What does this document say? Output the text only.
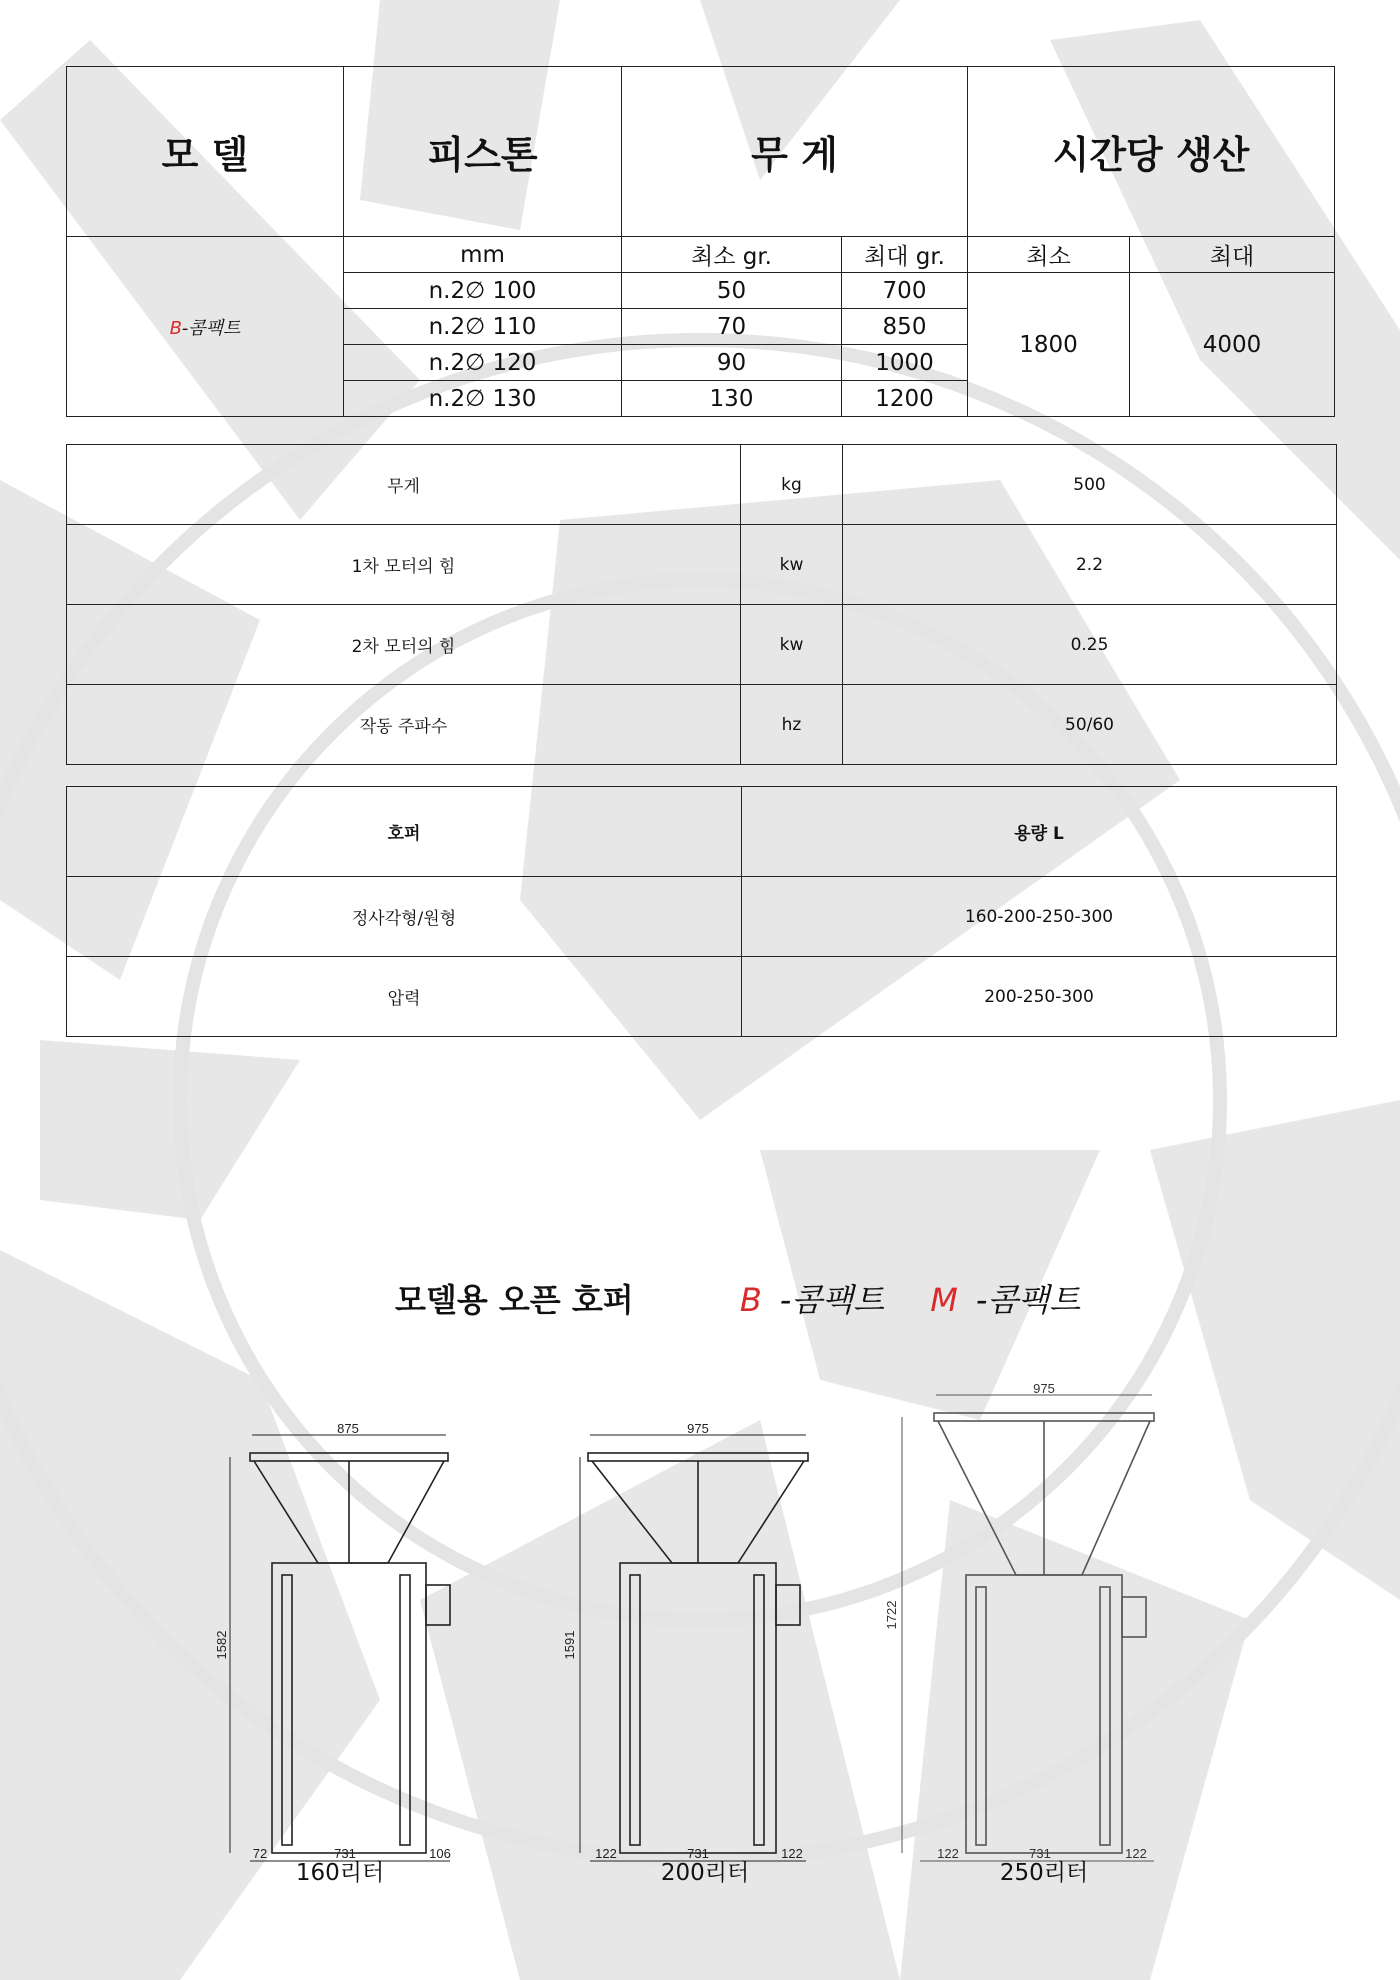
모 델	피스톤	무 게		시간당 생산	
B-콤팩트	mm	최소 gr.	최대 gr.	최소	최대
	n.2∅ 100	50	700	1800	4000
	n.2∅ 110	70	850		
	n.2∅ 120	90	1000		
	n.2∅ 130	130	1200		
무게	kg	500
1차 모터의 힘	kw	2.2
2차 모터의 힘	kw	0.25
작동 주파수	hz	50/60
호퍼	용량 L
정사각형/원형	160-200-250-300
압력	200-250-300
모델용 오픈 호퍼	B -콤팩트 M -콤팩트
875
1582
72	731	106
975
1591
122	731	122
975
1722
122	731	122
160리터	200리터	250리터
